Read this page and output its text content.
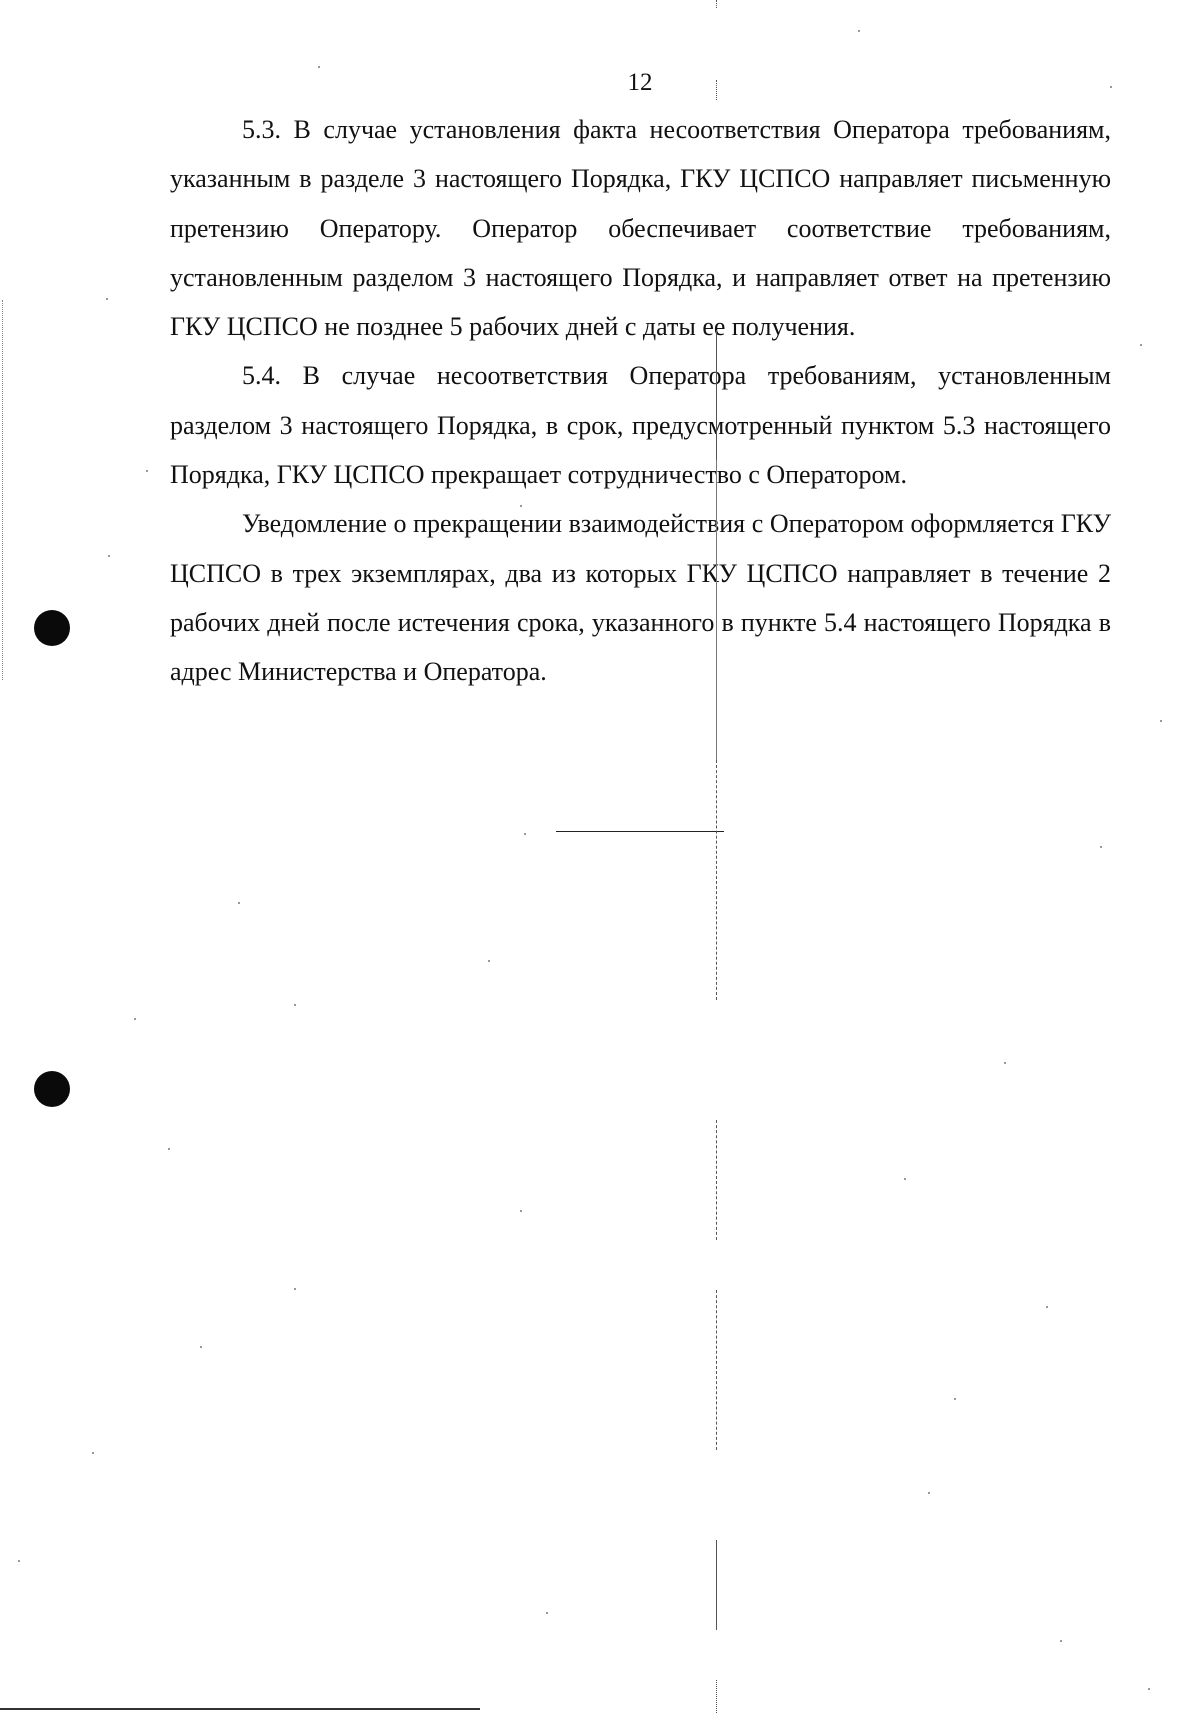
12

5.3. В случае установления факта несоответствия Оператора требованиям, указанным в разделе 3 настоящего Порядка, ГКУ ЦСПСО направляет письменную претензию Оператору. Оператор обеспечивает соответствие требованиям, установленным разделом 3 настоящего Порядка, и направляет ответ на претензию ГКУ ЦСПСО не позднее 5 рабочих дней с даты ее получения.

5.4. В случае несоответствия Оператора требованиям, установленным разделом 3 настоящего Порядка, в срок, предусмотренный пунктом 5.3 настоящего Порядка, ГКУ ЦСПСО прекращает сотрудничество с Оператором.

Уведомление о прекращении взаимодействия с Оператором оформляется ГКУ ЦСПСО в трех экземплярах, два из которых ГКУ ЦСПСО направляет в течение 2 рабочих дней после истечения срока, указанного в пункте 5.4 настоящего Порядка в адрес Министерства и Оператора.
